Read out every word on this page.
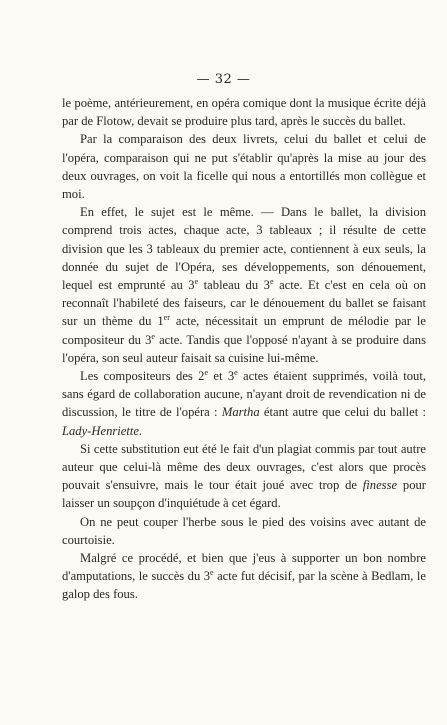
— 32 —

le poème, antérieurement, en opéra comique dont la musique écrite déjà par de Flotow, devait se produire plus tard, après le succès du ballet.

Par la comparaison des deux livrets, celui du ballet et celui de l'opéra, comparaison qui ne put s'établir qu'après la mise au jour des deux ouvrages, on voit la ficelle qui nous a entortillés mon collègue et moi.

En effet, le sujet est le même. — Dans le ballet, la division comprend trois actes, chaque acte, 3 tableaux ; il résulte de cette division que les 3 tableaux du premier acte, contiennent à eux seuls, la donnée du sujet de l'Opéra, ses développements, son dénouement, lequel est emprunté au 3e tableau du 3e acte. Et c'est en cela où on reconnaît l'habileté des faiseurs, car le dénouement du ballet se faisant sur un thème du 1er acte, nécessitait un emprunt de mélodie par le compositeur du 3e acte. Tandis que l'opposé n'ayant à se produire dans l'opéra, son seul auteur faisait sa cuisine lui-même.

Les compositeurs des 2e et 3e actes étaient supprimés, voilà tout, sans égard de collaboration aucune, n'ayant droit de revendication ni de discussion, le titre de l'opéra : Martha étant autre que celui du ballet : Lady-Henriette.

Si cette substitution eut été le fait d'un plagiat commis par tout autre auteur que celui-là même des deux ouvrages, c'est alors que procès pouvait s'ensuivre, mais le tour était joué avec trop de finesse pour laisser un soupçon d'inquiétude à cet égard.

On ne peut couper l'herbe sous le pied des voisins avec autant de courtoisie.

Malgré ce procédé, et bien que j'eus à supporter un bon nombre d'amputations, le succès du 3e acte fut décisif, par la scène à Bedlam, le galop des fous.
